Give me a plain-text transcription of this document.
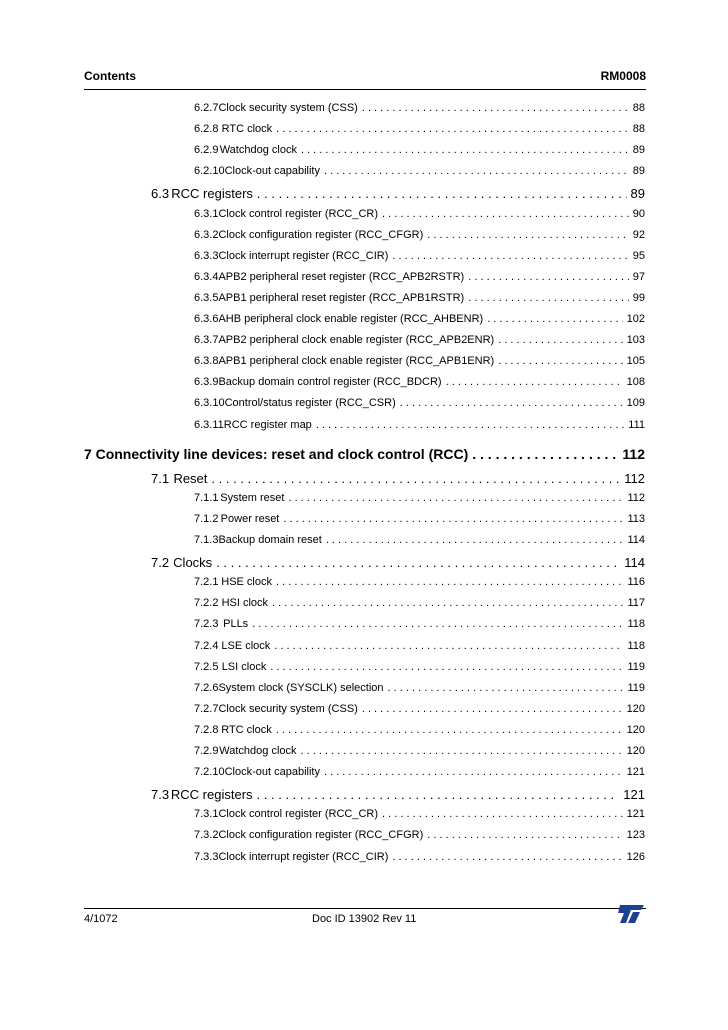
Contents	RM0008
6.2.7 Clock security system (CSS) . . .	88
6.2.8 RTC clock . . .	88
6.2.9 Watchdog clock . . .	89
6.2.10 Clock-out capability . . .	89
6.3 RCC registers . . .	89
6.3.1 Clock control register (RCC_CR) . . .	90
6.3.2 Clock configuration register (RCC_CFGR) . . .	92
6.3.3 Clock interrupt register (RCC_CIR) . . .	95
6.3.4 APB2 peripheral reset register (RCC_APB2RSTR) . . .	97
6.3.5 APB1 peripheral reset register (RCC_APB1RSTR) . . .	99
6.3.6 AHB peripheral clock enable register (RCC_AHBENR) . . .	102
6.3.7 APB2 peripheral clock enable register (RCC_APB2ENR) . . .	103
6.3.8 APB1 peripheral clock enable register (RCC_APB1ENR) . . .	105
6.3.9 Backup domain control register (RCC_BDCR) . . .	108
6.3.10 Control/status register (RCC_CSR) . . .	109
6.3.11 RCC register map . . .	111
7 Connectivity line devices: reset and clock control (RCC) . . .	112
7.1 Reset . . .	112
7.1.1 System reset . . .	112
7.1.2 Power reset . . .	113
7.1.3 Backup domain reset . . .	114
7.2 Clocks . . .	114
7.2.1 HSE clock . . .	116
7.2.2 HSI clock . . .	117
7.2.3 PLLs . . .	118
7.2.4 LSE clock . . .	118
7.2.5 LSI clock . . .	119
7.2.6 System clock (SYSCLK) selection . . .	119
7.2.7 Clock security system (CSS) . . .	120
7.2.8 RTC clock . . .	120
7.2.9 Watchdog clock . . .	120
7.2.10 Clock-out capability . . .	121
7.3 RCC registers . . .	121
7.3.1 Clock control register (RCC_CR) . . .	121
7.3.2 Clock configuration register (RCC_CFGR) . . .	123
7.3.3 Clock interrupt register (RCC_CIR) . . .	126
4/1072	Doc ID 13902 Rev 11
